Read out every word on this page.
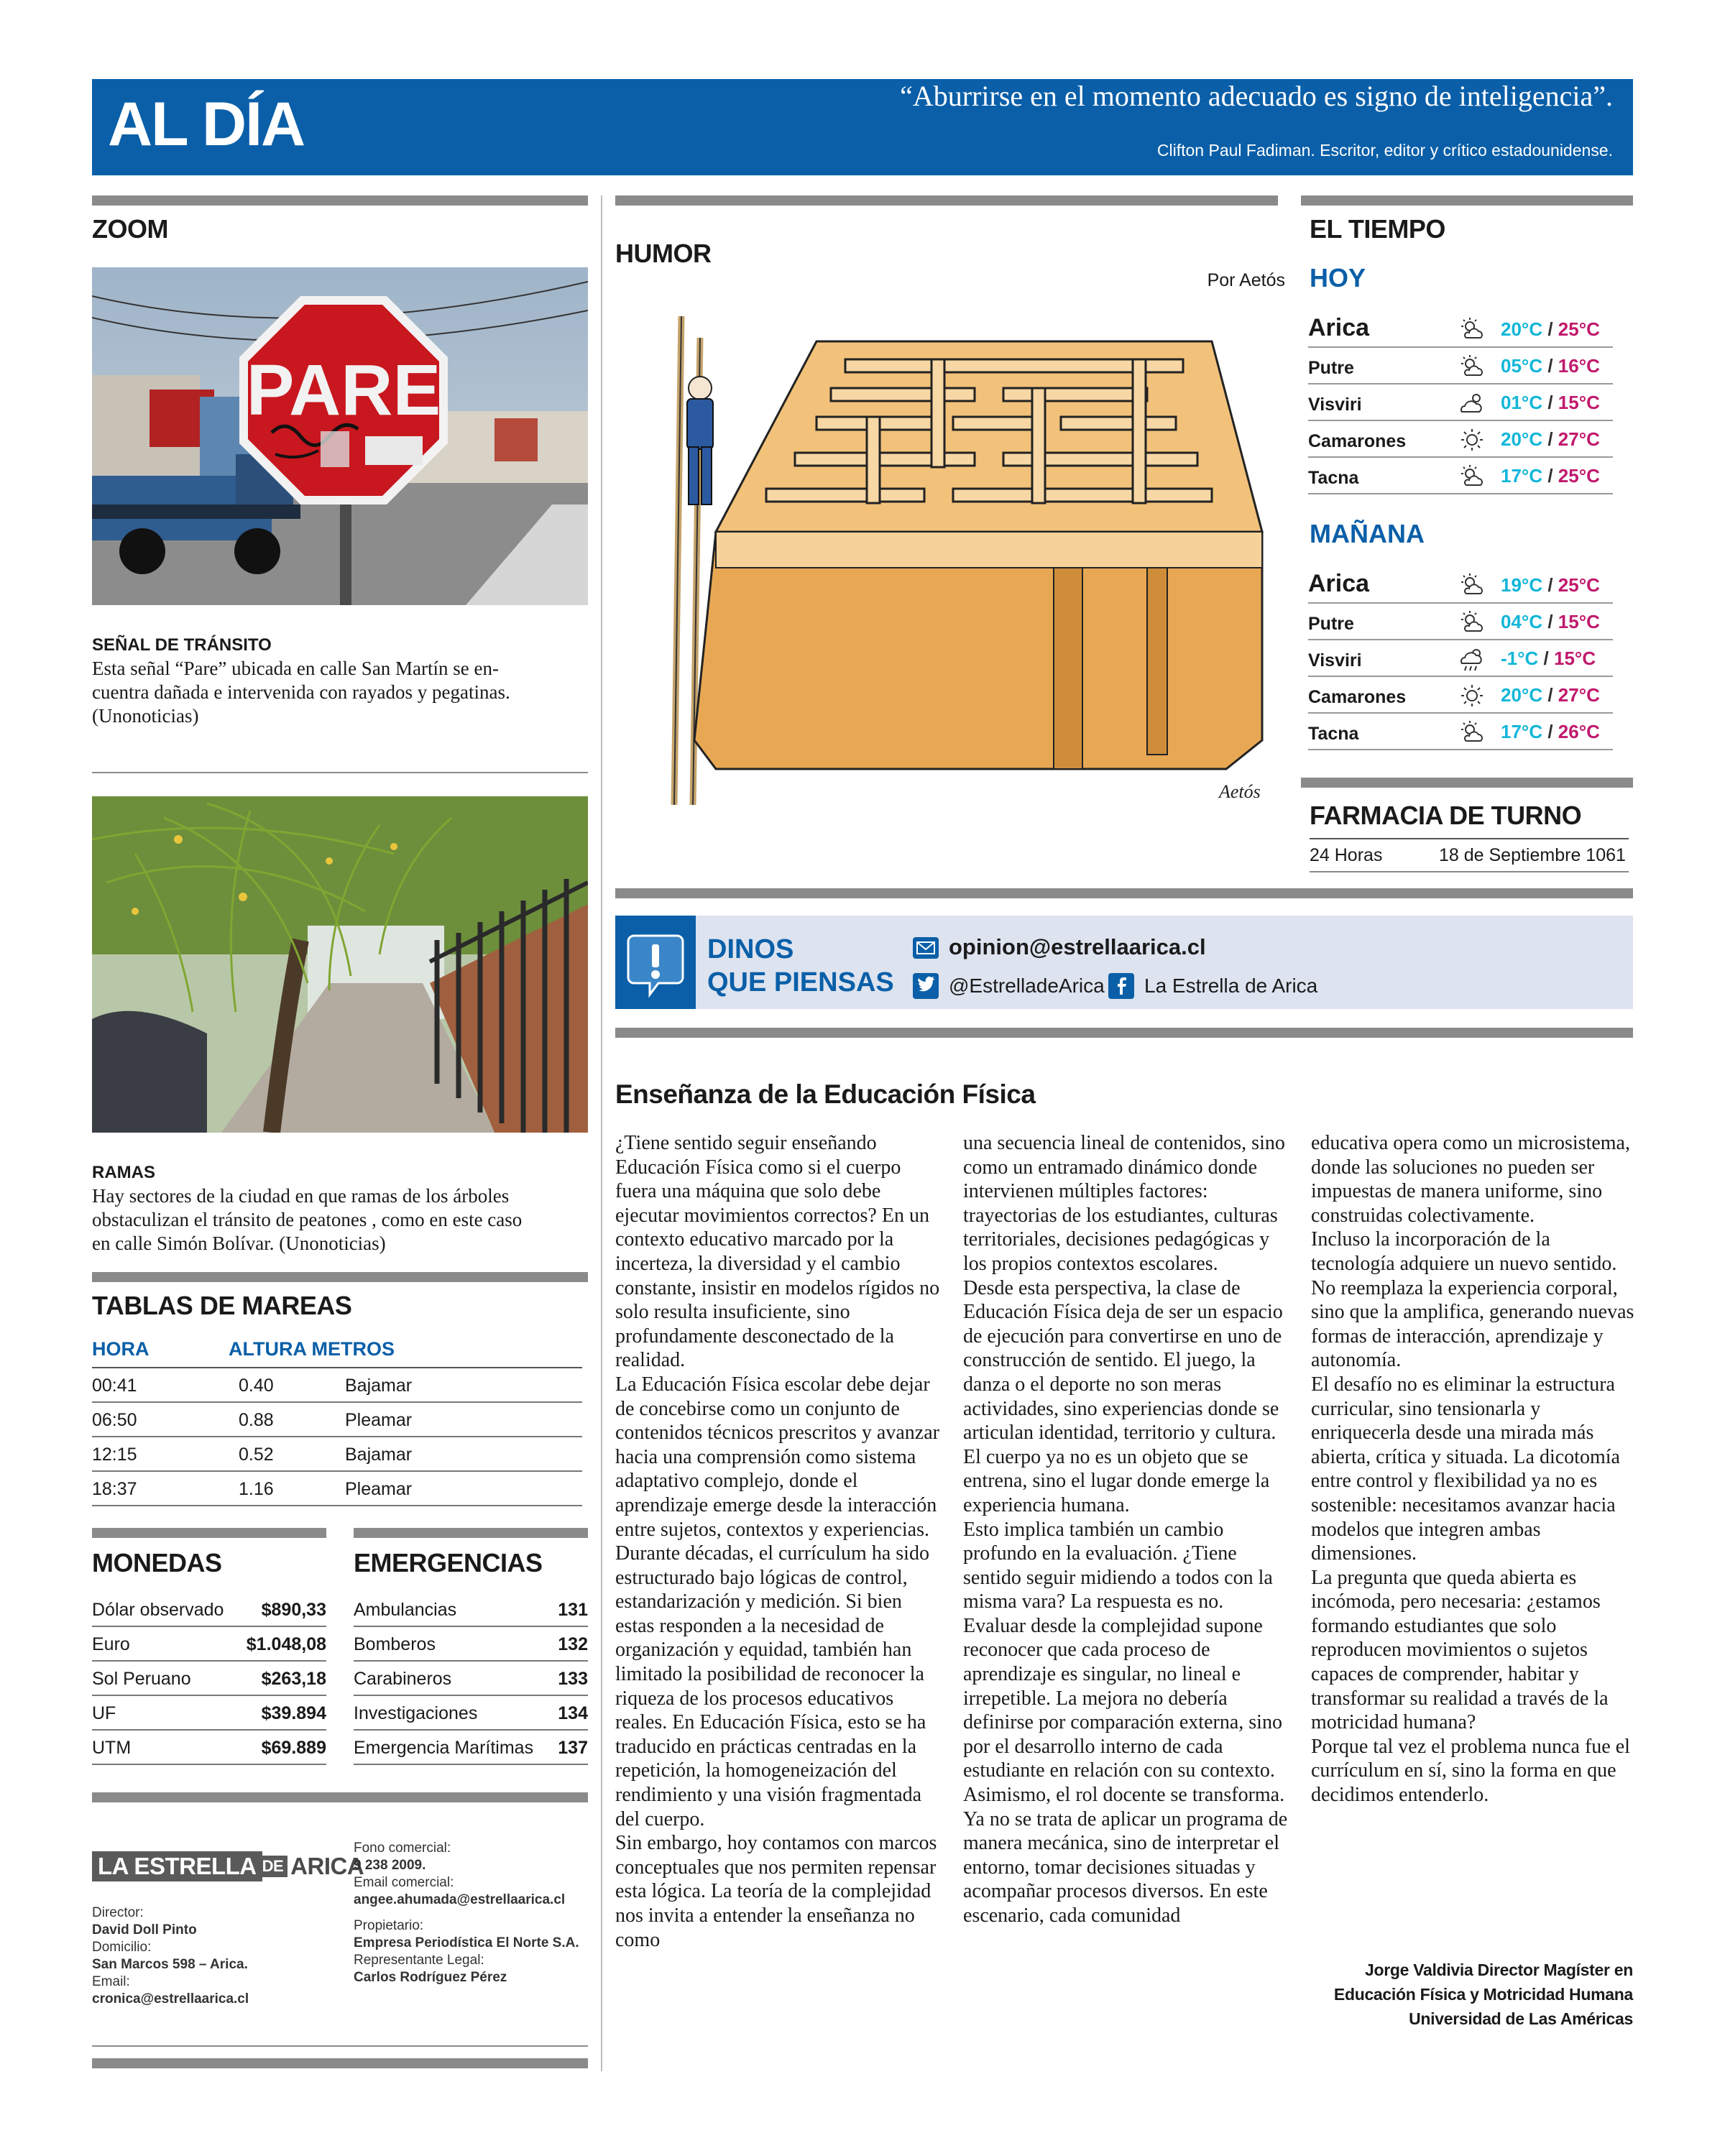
AL DÍA	“Aburrirse en el momento adecuado es signo de inteligencia”.
Clifton Paul Fadiman. Escritor, editor y crítico estadounidense.
ZOOM
PARE
SEÑAL DE TRÁNSITO
Esta señal “Pare” ubicada en calle San Martín se en-
cuentra dañada e intervenida con rayados y pegatinas.
(Unonoticias)
RAMAS
Hay sectores de la ciudad en que ramas de los árboles
obstaculizan el tránsito de peatones , como en este caso
en calle Simón Bolívar. (Unonoticias)
TABLAS DE MAREAS
HORA	ALTURA METROS
00:41	0.40	Bajamar
06:50	0.88	Pleamar
12:15	0.52	Bajamar
18:37	1.16	Pleamar
MONEDAS	EMERGENCIAS
Dólar observado $890,33
Euro	$1.048,08
Sol Peruano	$263,18
UF	$39.894
UTM	$69.889
Ambulancias	131
Bomberos	132
Carabineros	133
Investigaciones	134
Emergencia Marítimas 137
LA ESTRELLA DE ARICA
Director:
David Doll Pinto
Domicilio:
San Marcos 598 – Arica.
Email:
cronica@estrellaarica.cl
Fono comercial:
9 238 2009.
Email comercial:
angee.ahumada@estrellaarica.cl
Propietario:
Empresa Periodística El Norte S.A.
Representante Legal:
Carlos Rodríguez Pérez
HUMOR
Por Aetós
Aetós
EL TIEMPO
HOY
MAÑANA
Arica	20°C / 25°C
Putre	05°C / 16°C
Visviri	01°C / 15°C
Camarones	20°C / 27°C
Tacna	17°C / 25°C
Arica	19°C / 25°C
Putre	04°C / 15°C
Visviri	-1°C / 15°C
Camarones	20°C / 27°C
Tacna	17°C / 26°C
FARMACIA DE TURNO
24 Horas	18 de Septiembre 1061
DINOS
QUE PIENSAS
opinion@estrellaarica.cl
@EstrelladeArica La Estrella de Arica
Enseñanza de la Educación Física
¿Tiene sentido seguir enseñando Educación Física como si el cuerpo fuera una máquina que solo debe ejecutar movimientos correctos? En un contexto educativo marcado por la incerteza, la diversidad y el cambio constante, insistir en modelos rígidos no solo resulta insuficiente, sino profundamente desconectado de la realidad.
La Educación Física escolar debe dejar de concebirse como un conjunto de contenidos técnicos prescritos y avanzar hacia una comprensión como sistema adaptativo complejo, donde el aprendizaje emerge desde la interacción entre sujetos, contextos y experiencias.
Durante décadas, el currículum ha sido estructurado bajo lógicas de control, estandarización y medición. Si bien estas responden a la necesidad de organización y equidad, también han limitado la posibilidad de reconocer la riqueza de los procesos educativos reales. En Educación Física, esto se ha traducido en prácticas centradas en la repetición, la homogeneización del rendimiento y una visión fragmentada del cuerpo.
Sin embargo, hoy contamos con marcos conceptuales que nos permiten repensar esta lógica. La teoría de la complejidad nos invita a entender la enseñanza no como
una secuencia lineal de contenidos, sino como un entramado dinámico donde intervienen múltiples factores: trayectorias de los estudiantes, culturas territoriales, decisiones pedagógicas y los propios contextos escolares.
Desde esta perspectiva, la clase de Educación Física deja de ser un espacio de ejecución para convertirse en uno de construcción de sentido. El juego, la danza o el deporte no son meras actividades, sino experiencias donde se articulan identidad, territorio y cultura. El cuerpo ya no es un objeto que se entrena, sino el lugar donde emerge la experiencia humana.
Esto implica también un cambio profundo en la evaluación. ¿Tiene sentido seguir midiendo a todos con la misma vara? La respuesta es no. Evaluar desde la complejidad supone reconocer que cada proceso de aprendizaje es singular, no lineal e irrepetible. La mejora no debería definirse por comparación externa, sino por el desarrollo interno de cada estudiante en relación con su contexto.
Asimismo, el rol docente se transforma. Ya no se trata de aplicar un programa de manera mecánica, sino de interpretar el entorno, tomar decisiones situadas y acompañar procesos diversos. En este escenario, cada comunidad
educativa opera como un microsistema, donde las soluciones no pueden ser impuestas de manera uniforme, sino construidas colectivamente.
Incluso la incorporación de la tecnología adquiere un nuevo sentido. No reemplaza la experiencia corporal, sino que la amplifica, generando nuevas formas de interacción, aprendizaje y autonomía.
El desafío no es eliminar la estructura curricular, sino tensionarla y enriquecerla desde una mirada más abierta, crítica y situada. La dicotomía entre control y flexibilidad ya no es sostenible: necesitamos avanzar hacia modelos que integren ambas dimensiones.
La pregunta que queda abierta es incómoda, pero necesaria: ¿estamos formando estudiantes que solo reproducen movimientos o sujetos capaces de comprender, habitar y transformar su realidad a través de la motricidad humana?
Porque tal vez el problema nunca fue el currículum en sí, sino la forma en que decidimos entenderlo.
Jorge Valdivia Director Magíster en
Educación Física y Motricidad Humana
Universidad de Las Américas
